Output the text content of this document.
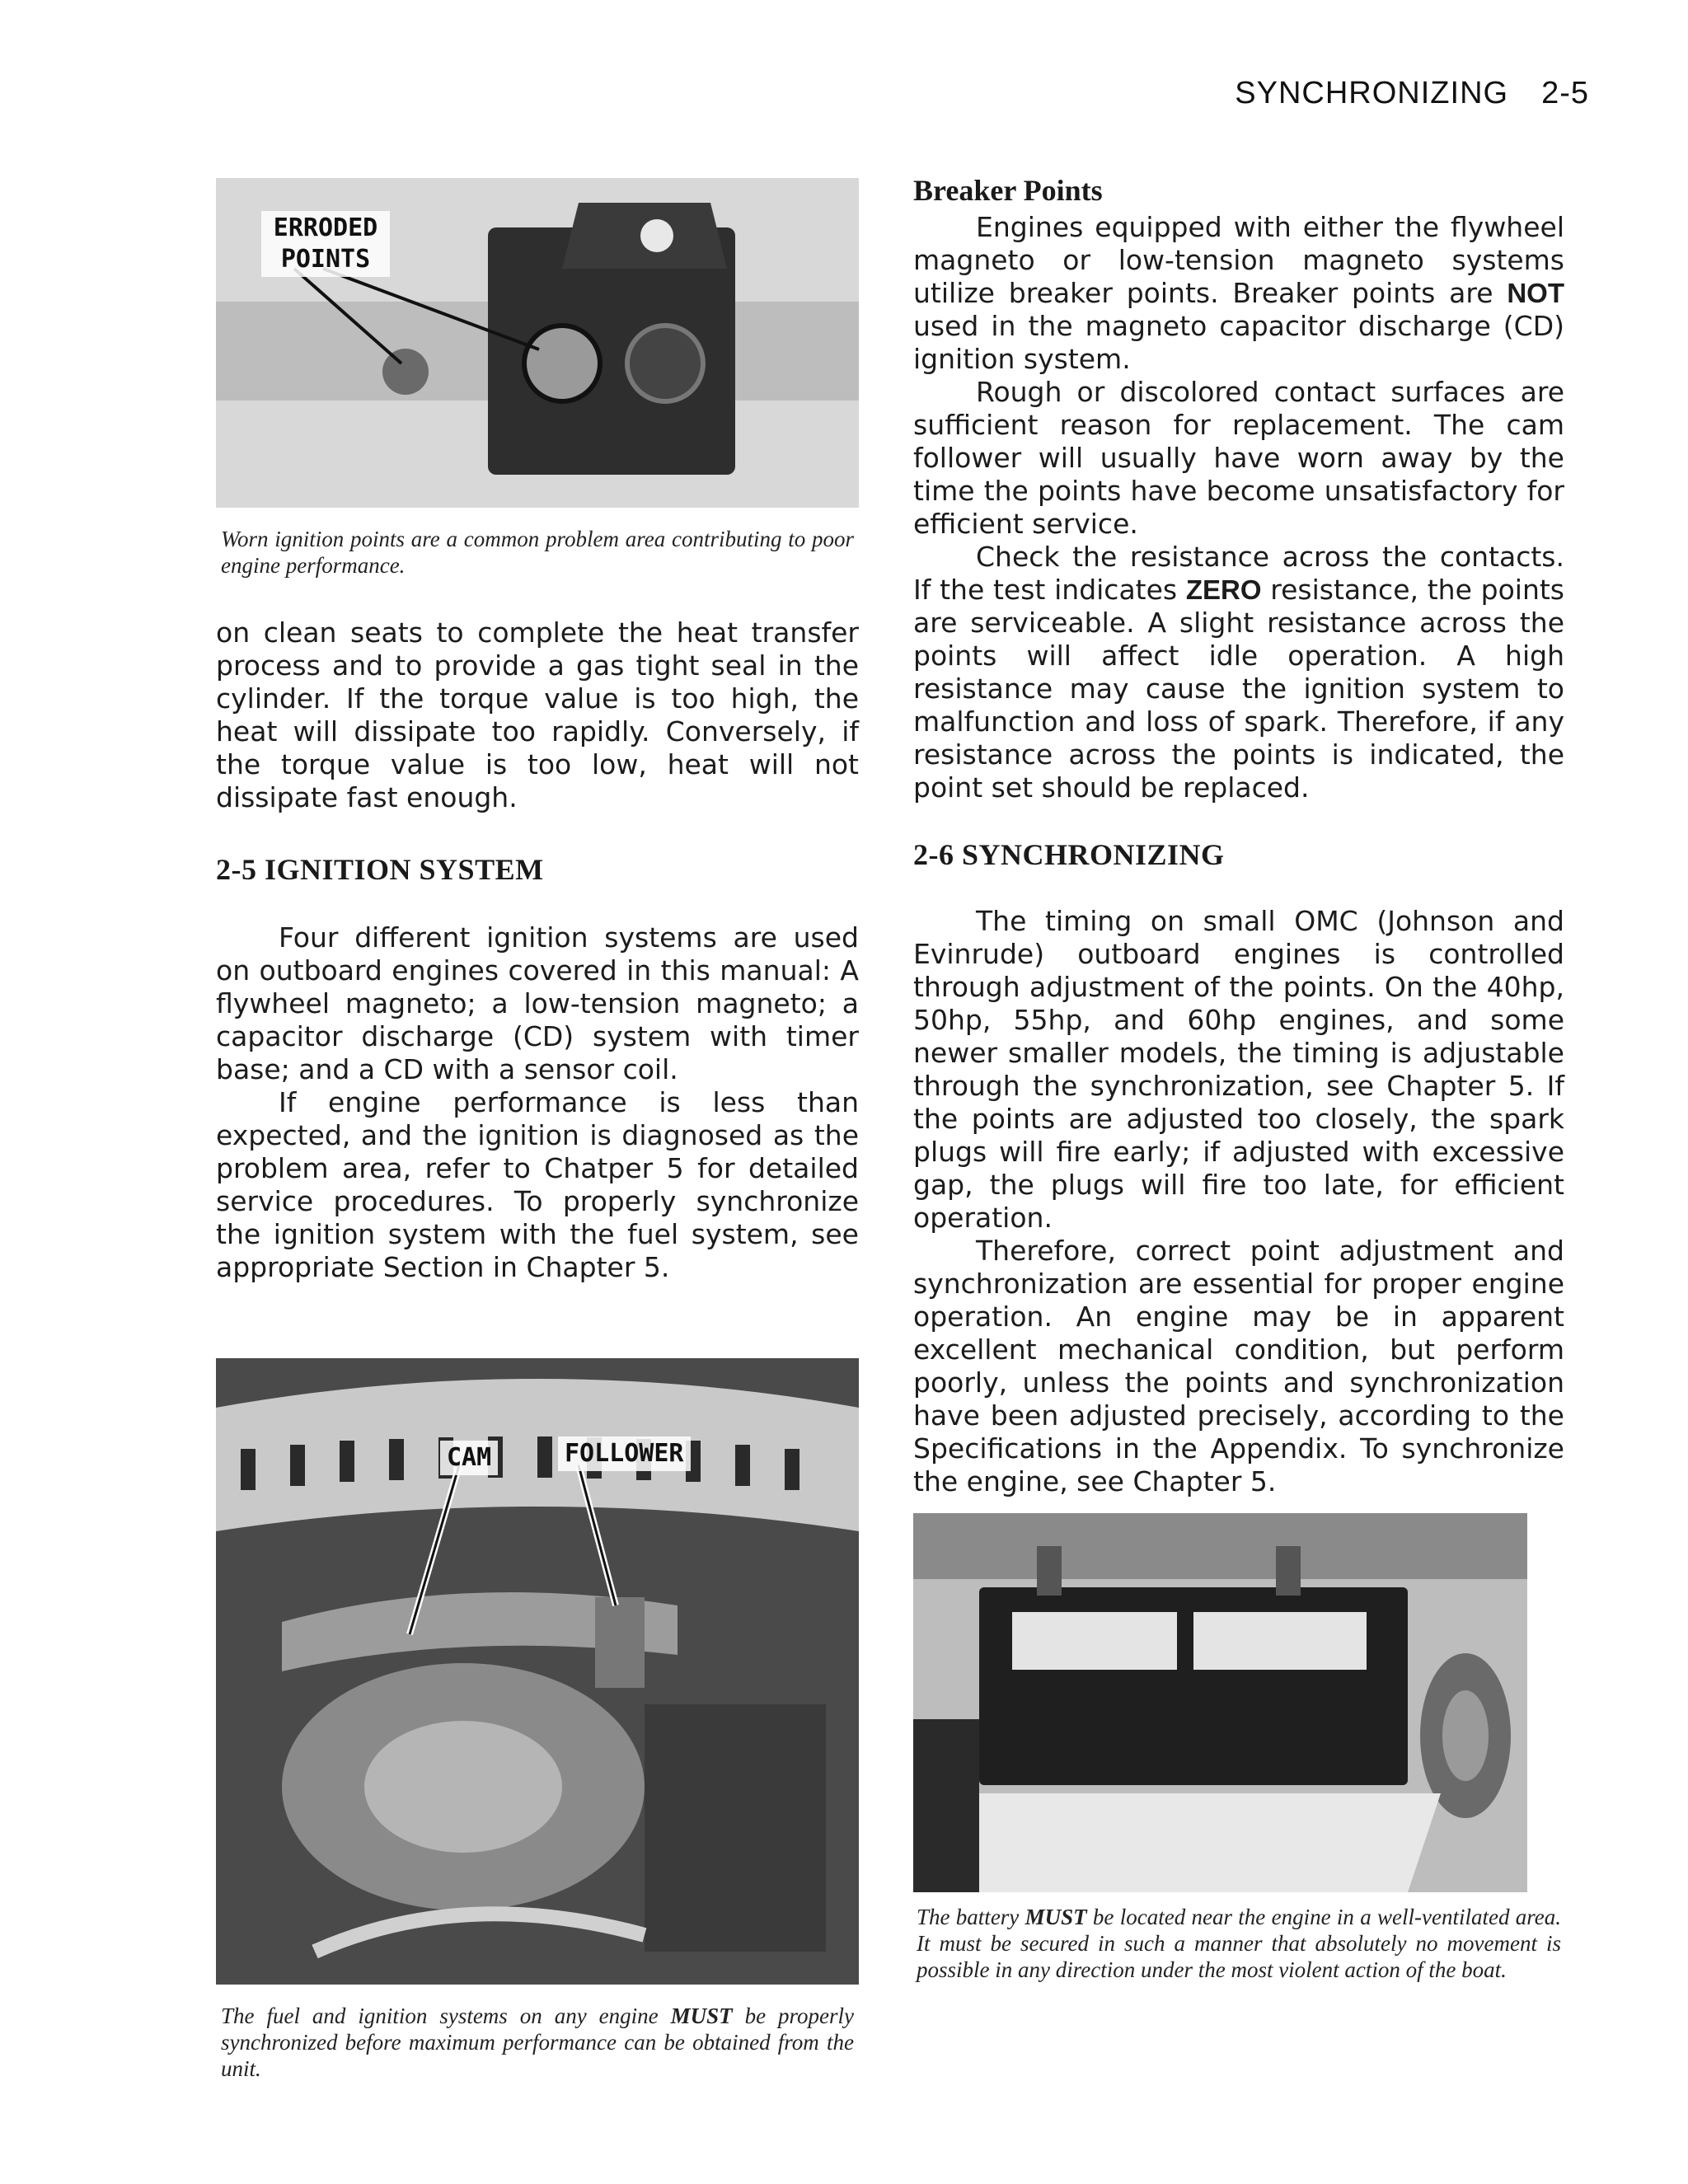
SYNCHRONIZING 2-5
ERRODED
POINTS

Worn ignition points are a common problem area contributing to poor engine performance.

on clean seats to complete the heat transfer process and to provide a gas tight seal in the cylinder. If the torque value is too high, the heat will dissipate too rapidly. Conversely, if the torque value is too low, heat will not dissipate fast enough.

2-5 IGNITION SYSTEM

Four different ignition systems are used on outboard engines covered in this manual: A flywheel magneto; a low-tension magneto; a capacitor discharge (CD) system with timer base; and a CD with a sensor coil.

If engine performance is less than expected, and the ignition is diagnosed as the problem area, refer to Chatper 5 for detailed service procedures. To properly synchronize the ignition system with the fuel system, see appropriate Section in Chapter 5.

CAM	FOLLOWER

The fuel and ignition systems on any engine MUST be properly synchronized before maximum performance can be obtained from the unit.

Breaker Points

Engines equipped with either the flywheel magneto or low-tension magneto systems utilize breaker points. Breaker points are NOT used in the magneto capacitor discharge (CD) ignition system.

Rough or discolored contact surfaces are sufficient reason for replacement. The cam follower will usually have worn away by the time the points have become unsatisfactory for efficient service.

Check the resistance across the contacts. If the test indicates ZERO resistance, the points are serviceable. A slight resistance across the points will affect idle operation. A high resistance may cause the ignition system to malfunction and loss of spark. Therefore, if any resistance across the points is indicated, the point set should be replaced.

2-6 SYNCHRONIZING

The timing on small OMC (Johnson and Evinrude) outboard engines is controlled through adjustment of the points. On the 40hp, 50hp, 55hp, and 60hp engines, and some newer smaller models, the timing is adjustable through the synchronization, see Chapter 5. If the points are adjusted too closely, the spark plugs will fire early; if adjusted with excessive gap, the plugs will fire too late, for efficient operation.

Therefore, correct point adjustment and synchronization are essential for proper engine operation. An engine may be in apparent excellent mechanical condition, but perform poorly, unless the points and synchronization have been adjusted precisely, according to the Specifications in the Appendix. To synchronize the engine, see Chapter 5.

The battery MUST be located near the engine in a well-ventilated area. It must be secured in such a manner that absolutely no movement is possible in any direction under the most violent action of the boat.
